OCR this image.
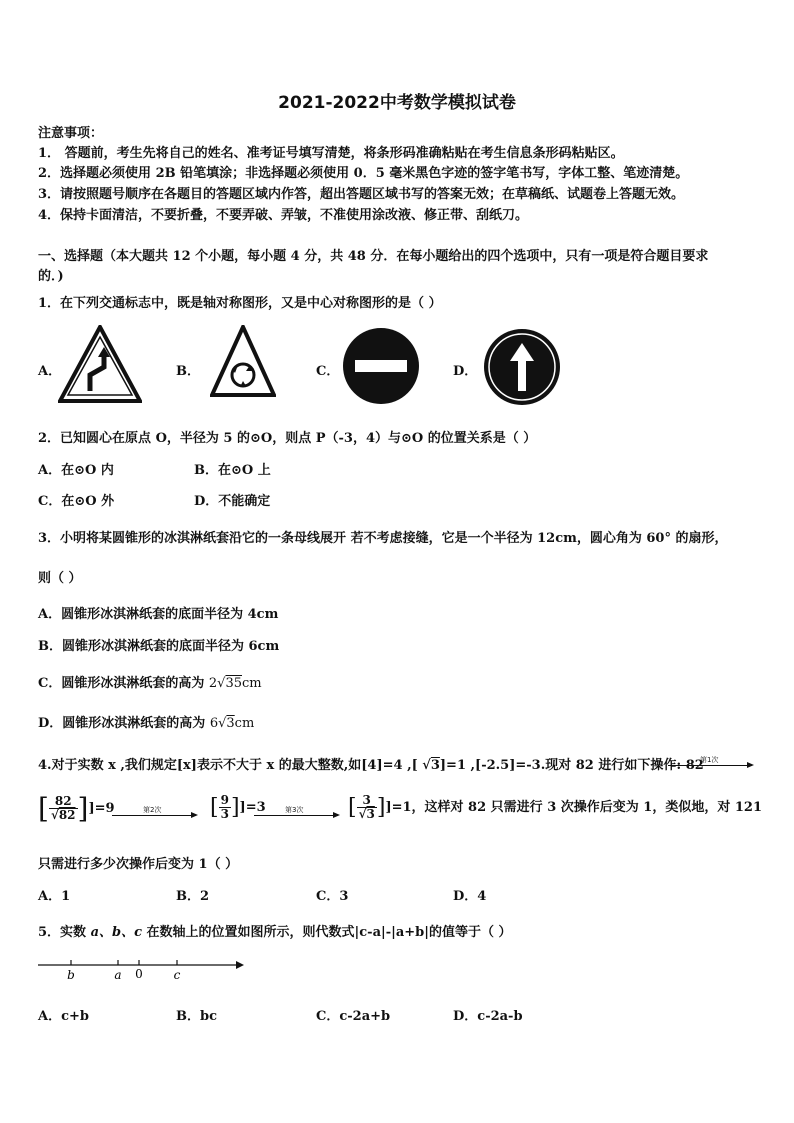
2021-2022中考数学模拟试卷
注意事项：
1． 答题前，考生先将自己的姓名、准考证号填写清楚，将条形码准确粘贴在考生信息条形码粘贴区。
2．选择题必须使用 2B 铅笔填涂；非选择题必须使用 0．5 毫米黑色字迹的签字笔书写，字体工整、笔迹清楚。
3．请按照题号顺序在各题目的答题区域内作答，超出答题区域书写的答案无效；在草稿纸、试题卷上答题无效。
4．保持卡面清洁，不要折叠，不要弄破、弄皱，不准使用涂改液、修正带、刮纸刀。
一、选择题（本大题共 12 个小题，每小题 4 分，共 48 分．在每小题给出的四个选项中，只有一项是符合题目要求
的．)
1．在下列交通标志中，既是轴对称图形，又是中心对称图形的是（ ）
A．	B．	C．	D．
2．已知圆心在原点 O，半径为 5 的⊙O，则点 P（-3，4）与⊙O 的位置关系是（ ）
A．在⊙O 内	B．在⊙O 上
C．在⊙O 外	D．不能确定
3．小明将某圆锥形的冰淇淋纸套沿它的一条母线展开 若不考虑接缝，它是一个半径为 12cm，圆心角为 60° 的扇形，
则（ ）
A．圆锥形冰淇淋纸套的底面半径为 4cm
B．圆锥形冰淇淋纸套的底面半径为 6cm
C．圆锥形冰淇淋纸套的高为 2√35cm
D．圆锥形冰淇淋纸套的高为 6√3cm
4.对于实数 x ,我们规定[x]表示不大于 x 的最大整数,如[4]=4 ,[ √3]=1 ,[-2.5]=-3.现对 82 进行如下操作: 82
第1次
[ $\frac{82}{√82} ]]=9$	第2次 [ $\frac{9}{3} ]]=3$	第3次 [ $\frac{3}{√3} ]]=1$，这样对 82 只需进行 3 次操作后变为 1，类似地，对 121
只需进行多少次操作后变为 1（ ）
A．1	B．2	C．3	D．4
5．实数 a、b、c 在数轴上的位置如图所示，则代数式|c-a|-|a+b|的值等于（ ）
b	a 0	c
A．c+b	B．bc	C．c-2a+b	D．c-2a-b
